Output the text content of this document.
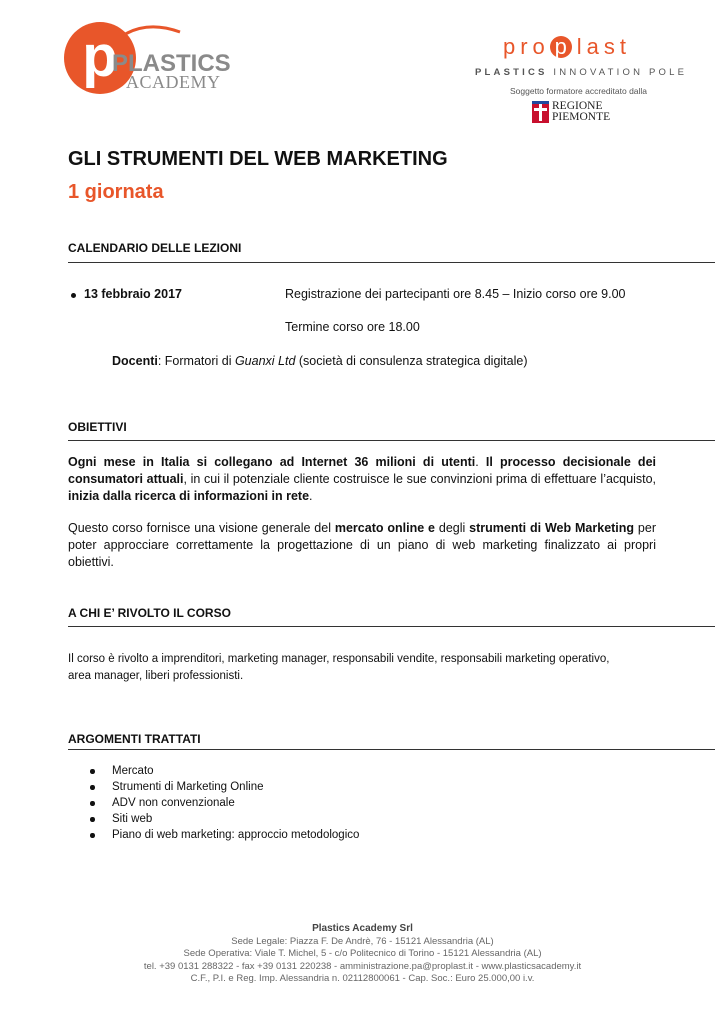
p
PLASTICS
ACADEMY
pro p last
PLASTICS INNOVATION POLE
Soggetto formatore accreditato dalla
REGIONE
PIEMONTE
GLI STRUMENTI DEL WEB MARKETING
1 giornata
CALENDARIO DELLE LEZIONI
13 febbraio 2017	Registrazione dei partecipanti ore 8.45 – Inizio corso ore 9.00
Termine corso ore 18.00
Docenti: Formatori di Guanxi Ltd (società di consulenza strategica digitale)
OBIETTIVI
Ogni mese in Italia si collegano ad Internet 36 milioni di utenti. Il processo decisionale dei consumatori attuali, in cui il potenziale cliente costruisce le sue convinzioni prima di effettuare l’acquisto, inizia dalla ricerca di informazioni in rete.
Questo corso fornisce una visione generale del mercato online e degli strumenti di Web Marketing per poter approcciare correttamente la progettazione di un piano di web marketing finalizzato ai propri obiettivi.
A CHI E’ RIVOLTO IL CORSO
Il corso è rivolto a imprenditori, marketing manager, responsabili vendite, responsabili marketing operativo, area manager, liberi professionisti.
ARGOMENTI TRATTATI
Mercato
Strumenti di Marketing Online
ADV non convenzionale
Siti web
Piano di web marketing: approccio metodologico
Plastics Academy Srl
Sede Legale: Piazza F. De Andrè, 76 - 15121 Alessandria (AL)
Sede Operativa: Viale T. Michel, 5 - c/o Politecnico di Torino - 15121 Alessandria (AL)
tel. +39 0131 288322 - fax +39 0131 220238 - amministrazione.pa@proplast.it - www.plasticsacademy.it
C.F., P.I. e Reg. Imp. Alessandria n. 02112800061 - Cap. Soc.: Euro 25.000,00 i.v.
